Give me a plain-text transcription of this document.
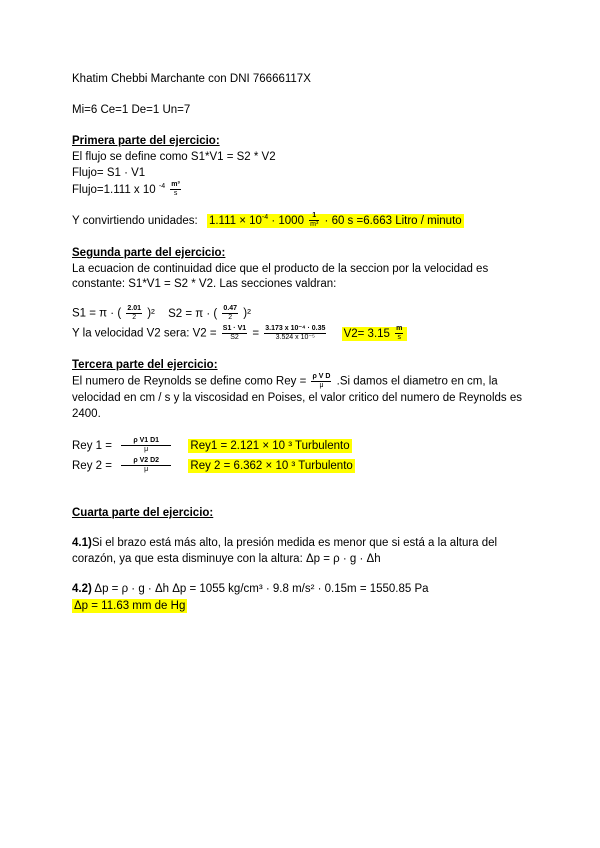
Khatim Chebbi Marchante con DNI 76666117X
Mi=6 Ce=1 De=1 Un=7
Primera parte del ejercicio:
El flujo se define como S1*V1 = S2 * V2
Flujo= S1 · V1
Flujo=1.111 x 10 $^{-4} \frac{\text{m³}}{s}$
Y convirtiendo unidades: $1.111 \times 10^{-4} \cdot 1000 \frac{1}{\text{m³}} \cdot 60$ s =6.663 Litro / minuto
Segunda parte del ejercicio:
La ecuacion de continuidad dice que el producto de la seccion por la velocidad es
constante: S1*V1 = S2 * V2. Las secciones valdran:
S1 = π · ( $\frac{2.01}{2} )^2$ S2 = π · ( $\frac{0.47}{2} )^2$
Y la velocidad V2 sera: $V2 = \frac{S1 \cdot V1}{S2} = \frac{\text{3.173 x 10⁻⁴ · 0.35}}{\text{3.524 x 10⁻⁵}} V2= 3.15 \frac{m}{s}$
Tercera parte del ejercicio:
El numero de Reynolds se define como Rey = $\frac{\text{ρ V D}}{\mu} .Si$ damos el diametro en cm, la
velocidad en cm / s y la viscosidad en Poises, el valor critico del numero de Reynolds es
2400.
Rey $1 = \frac{\text{ρ V1 D1}}{\mu} Rey1 = 2.121 \times 10$ ³ Turbulento
Rey $2 = \frac{\text{ρ V2 D2}}{\mu}$ Rey 2 = 6.362 × 10 ³ Turbulento
Cuarta parte del ejercicio:
4.1)Si el brazo está más alto, la presión medida es menor que si está a la altura del
corazón, ya que esta disminuye con la altura: Δp = ρ · g · Δh
4.2) Δp = ρ · g · Δh Δp = 1055 kg/cm³ · 9.8 m/s² · 0.15m = 1550.85 Pa
Δp = 11.63 mm de Hg
